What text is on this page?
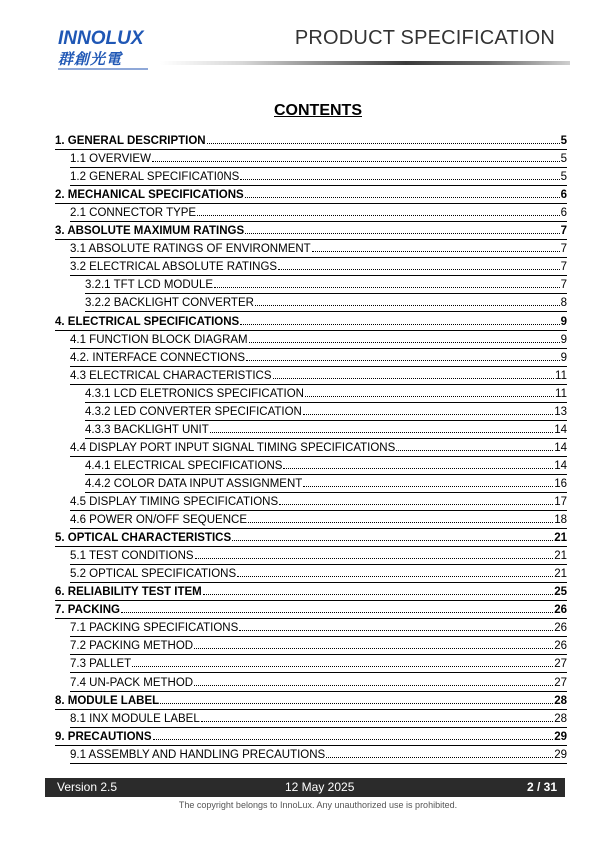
INNOLUX
群創光電
PRODUCT SPECIFICATION
CONTENTS
1. GENERAL DESCRIPTION	5
1.1 OVERVIEW	5
1.2 GENERAL SPECIFICATI0NS	5
2. MECHANICAL SPECIFICATIONS	6
2.1 CONNECTOR TYPE	6
3. ABSOLUTE MAXIMUM RATINGS	7
3.1 ABSOLUTE RATINGS OF ENVIRONMENT	7
3.2 ELECTRICAL ABSOLUTE RATINGS	7
3.2.1 TFT LCD MODULE	7
3.2.2 BACKLIGHT CONVERTER	8
4. ELECTRICAL SPECIFICATIONS	9
4.1 FUNCTION BLOCK DIAGRAM	9
4.2. INTERFACE CONNECTIONS	9
4.3 ELECTRICAL CHARACTERISTICS	11
4.3.1 LCD ELETRONICS SPECIFICATION	11
4.3.2 LED CONVERTER SPECIFICATION	13
4.3.3 BACKLIGHT UNIT	14
4.4 DISPLAY PORT INPUT SIGNAL TIMING SPECIFICATIONS	14
4.4.1 ELECTRICAL SPECIFICATIONS	14
4.4.2 COLOR DATA INPUT ASSIGNMENT	16
4.5 DISPLAY TIMING SPECIFICATIONS	17
4.6 POWER ON/OFF SEQUENCE	18
5. OPTICAL CHARACTERISTICS	21
5.1 TEST CONDITIONS	21
5.2 OPTICAL SPECIFICATIONS	21
6. RELIABILITY TEST ITEM	25
7. PACKING	26
7.1 PACKING SPECIFICATIONS	26
7.2 PACKING METHOD	26
7.3 PALLET	27
7.4 UN-PACK METHOD	27
8. MODULE LABEL	28
8.1 INX MODULE LABEL	28
9. PRECAUTIONS	29
9.1 ASSEMBLY AND HANDLING PRECAUTIONS	29
Version 2.5	12 May 2025	2 / 31
The copyright belongs to InnoLux. Any unauthorized use is prohibited.
